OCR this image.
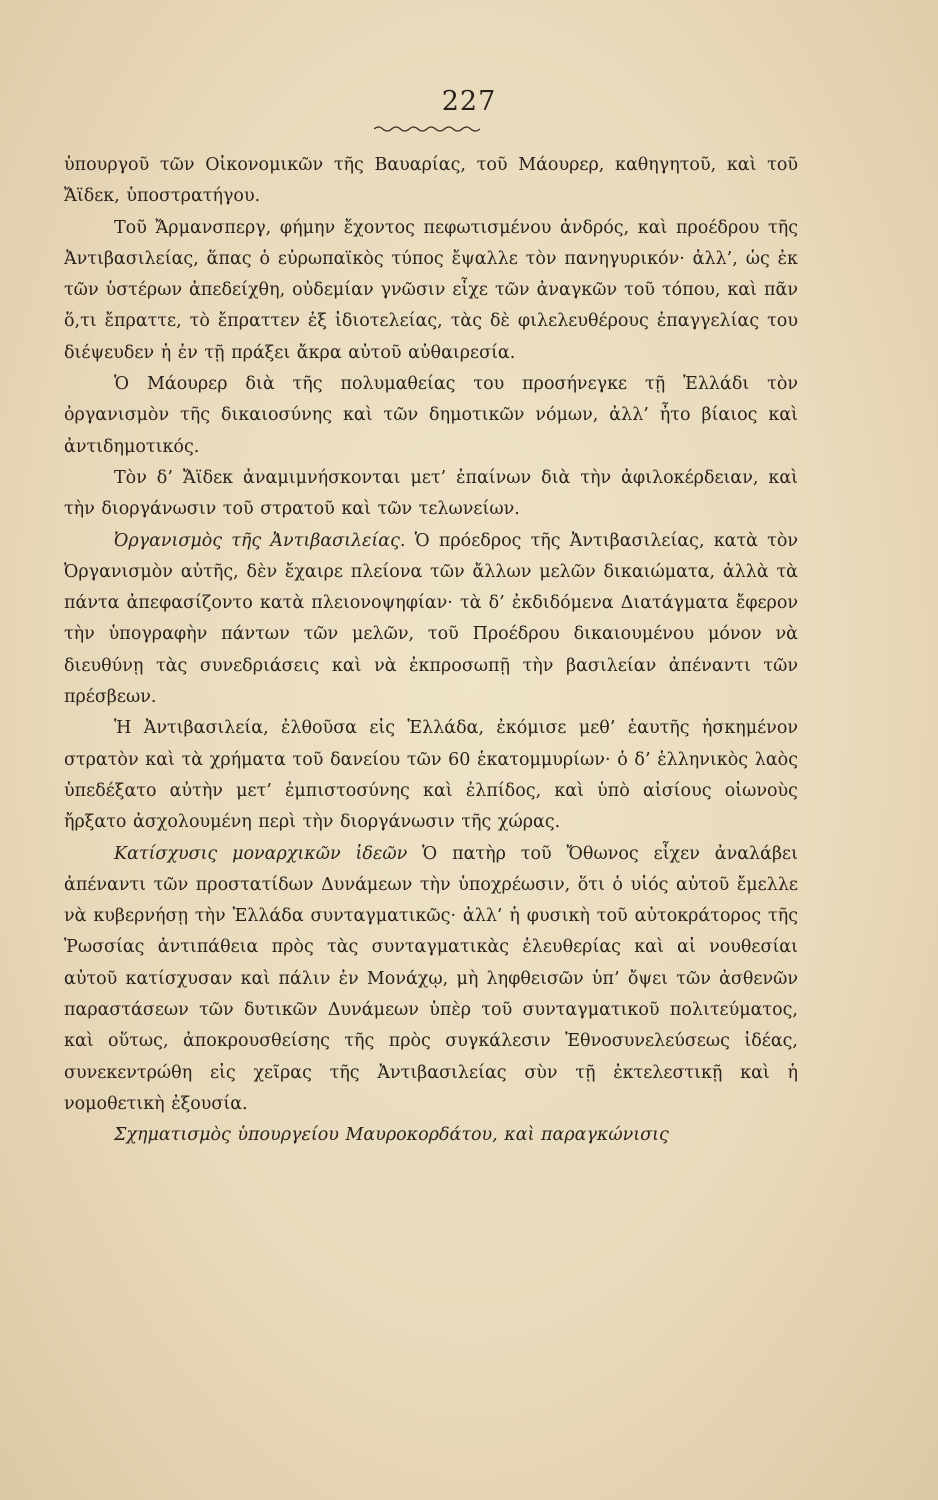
227

ὑπουργοῦ τῶν Οἰκονομικῶν τῆς Βαυαρίας, τοῦ Μάουρερ, καθηγητοῦ, καὶ τοῦ Ἄϊδεκ, ὑποστρατήγου.

Τοῦ Ἄρμανσπεργ, φήμην ἔχοντος πεφωτισμένου ἀνδρός, καὶ προέδρου τῆς Ἀντιβασιλείας, ἅπας ὁ εὐρωπαϊκὸς τύπος ἔψαλλε τὸν πανηγυρικόν· ἀλλ’, ὡς ἐκ τῶν ὑστέρων ἀπεδείχθη, οὐδεμίαν γνῶσιν εἶχε τῶν ἀναγκῶν τοῦ τόπου, καὶ πᾶν ὅ,τι ἔπραττε, τὸ ἔπραττεν ἐξ ἰδιοτελείας, τὰς δὲ φιλελευθέρους ἐπαγγελίας του διέψευδεν ἡ ἐν τῇ πράξει ἄκρα αὐτοῦ αὐθαιρεσία.

Ὁ Μάουρερ διὰ τῆς πολυμαθείας του προσήνεγκε τῇ Ἑλλάδι τὸν ὀργανισμὸν τῆς δικαιοσύνης καὶ τῶν δημοτικῶν νόμων, ἀλλ’ ἦτο βίαιος καὶ ἀντιδημοτικός.

Τὸν δ’ Ἄϊδεκ ἀναμιμνήσκονται μετ’ ἐπαίνων διὰ τὴν ἀφιλοκέρδειαν, καὶ τὴν διοργάνωσιν τοῦ στρατοῦ καὶ τῶν τελωνείων.

Ὀργανισμὸς τῆς Ἀντιβασιλείας. Ὁ πρόεδρος τῆς Ἀντιβασιλείας, κατὰ τὸν Ὀργανισμὸν αὐτῆς, δὲν ἔχαιρε πλείονα τῶν ἄλλων μελῶν δικαιώματα, ἀλλὰ τὰ πάντα ἀπεφασίζοντο κατὰ πλειονοψηφίαν· τὰ δ’ ἐκδιδόμενα Διατάγματα ἔφερον τὴν ὑπογραφὴν πάντων τῶν μελῶν, τοῦ Προέδρου δικαιουμένου μόνον νὰ διευθύνῃ τὰς συνεδριάσεις καὶ νὰ ἐκπροσωπῇ τὴν βασιλείαν ἀπέναντι τῶν πρέσβεων.

Ἡ Ἀντιβασιλεία, ἐλθοῦσα εἰς Ἑλλάδα, ἐκόμισε μεθ’ ἑαυτῆς ἠσκημένον στρατὸν καὶ τὰ χρήματα τοῦ δανείου τῶν 60 ἑκατομμυρίων· ὁ δ’ ἑλληνικὸς λαὸς ὑπεδέξατο αὐτὴν μετ’ ἐμπιστοσύνης καὶ ἐλπίδος, καὶ ὑπὸ αἰσίους οἰωνοὺς ἤρξατο ἀσχολουμένη περὶ τὴν διοργάνωσιν τῆς χώρας.

Κατίσχυσις μοναρχικῶν ἰδεῶν Ὁ πατὴρ τοῦ Ὄθωνος εἶχεν ἀναλάβει ἀπέναντι τῶν προστατίδων Δυνάμεων τὴν ὑποχρέωσιν, ὅτι ὁ υἱός αὐτοῦ ἔμελλε νὰ κυβερνήσῃ τὴν Ἑλλάδα συνταγματικῶς· ἀλλ’ ἡ φυσικὴ τοῦ αὐτοκράτορος τῆς Ῥωσσίας ἀντιπάθεια πρὸς τὰς συνταγματικὰς ἐλευθερίας καὶ αἱ νουθεσίαι αὐτοῦ κατίσχυσαν καὶ πάλιν ἐν Μονάχῳ, μὴ ληφθεισῶν ὑπ’ ὄψει τῶν ἀσθενῶν παραστάσεων τῶν δυτικῶν Δυνάμεων ὑπὲρ τοῦ συνταγματικοῦ πολιτεύματος, καὶ οὕτως, ἀποκρουσθείσης τῆς πρὸς συγκάλεσιν Ἐθνοσυνελεύσεως ἰδέας, συνεκεντρώθη εἰς χεῖρας τῆς Ἀντιβασιλείας σὺν τῇ ἐκτελεστικῇ καὶ ἡ νομοθετικὴ ἐξουσία.

Σχηματισμὸς ὑπουργείου Μαυροκορδάτου, καὶ παραγκώνισις
